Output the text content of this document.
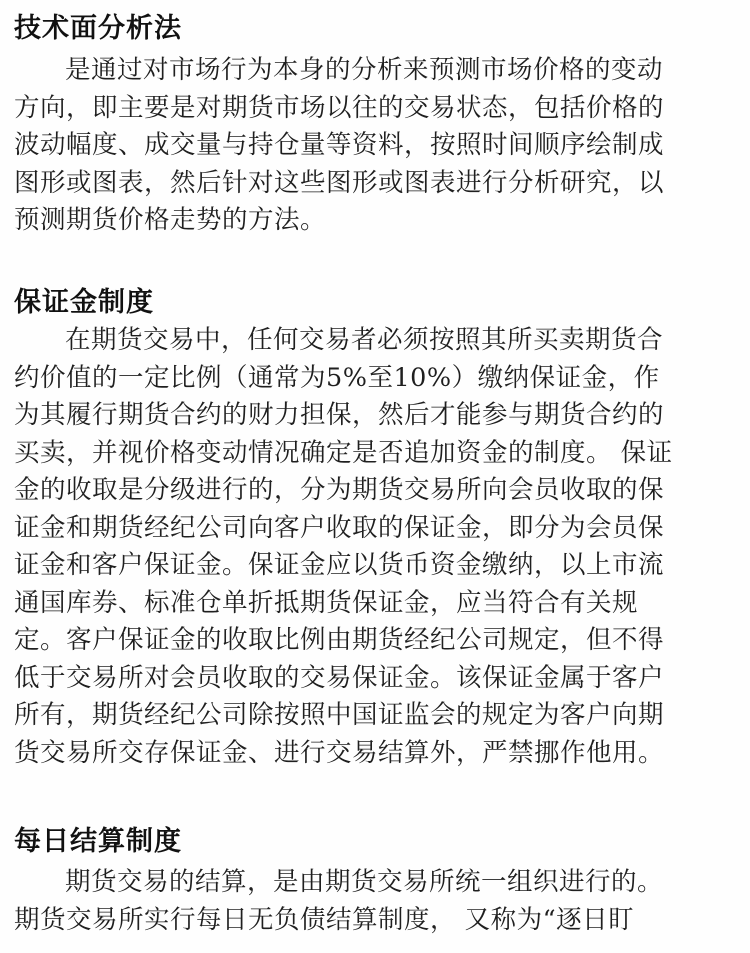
技术面分析法
是通过对市场行为本身的分析来预测市场价格的变动
方向，即主要是对期货市场以往的交易状态，包括价格的
波动幅度、成交量与持仓量等资料，按照时间顺序绘制成
图形或图表，然后针对这些图形或图表进行分析研究，以
预测期货价格走势的方法。
保证金制度
在期货交易中，任何交易者必须按照其所买卖期货合
约价值的一定比例（通常为5%至10%）缴纳保证金，作
为其履行期货合约的财力担保，然后才能参与期货合约的
买卖，并视价格变动情况确定是否追加资金的制度。 保证
金的收取是分级进行的，分为期货交易所向会员收取的保
证金和期货经纪公司向客户收取的保证金，即分为会员保
证金和客户保证金。保证金应以货币资金缴纳，以上市流
通国库券、标准仓单折抵期货保证金，应当符合有关规
定。客户保证金的收取比例由期货经纪公司规定，但不得
低于交易所对会员收取的交易保证金。该保证金属于客户
所有，期货经纪公司除按照中国证监会的规定为客户向期
货交易所交存保证金、进行交易结算外，严禁挪作他用。
每日结算制度
期货交易的结算，是由期货交易所统一组织进行的。
期货交易所实行每日无负债结算制度， 又称为“逐日盯
